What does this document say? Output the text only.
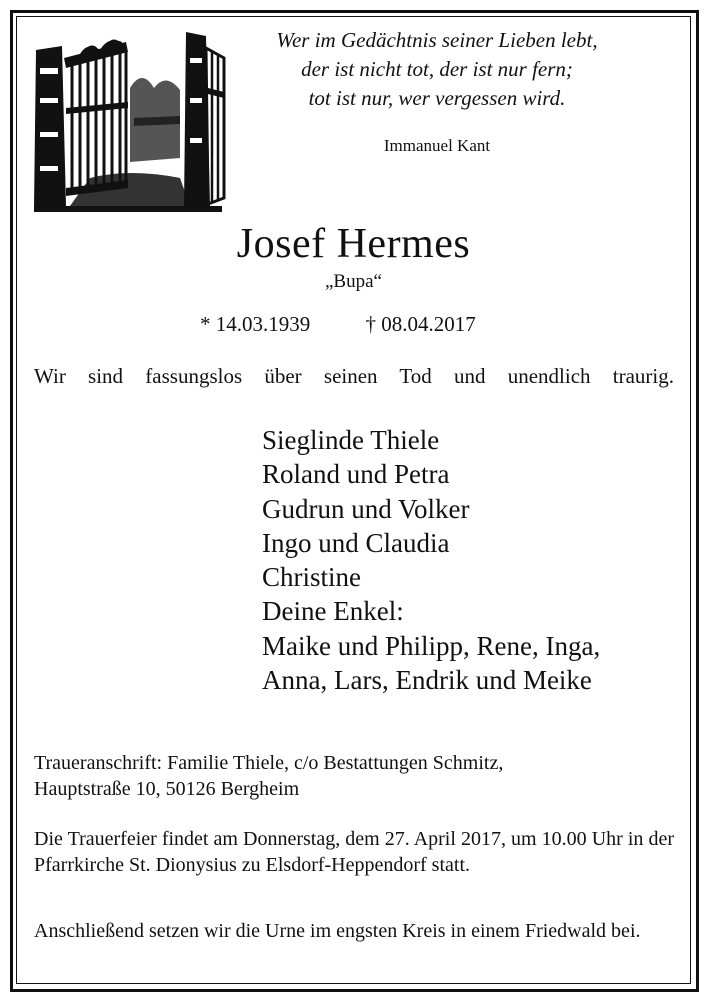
Wer im Gedächtnis seiner Lieben lebt,
der ist nicht tot, der ist nur fern;
tot ist nur, wer vergessen wird.
Immanuel Kant
Josef Hermes
„Bupa“
* 14.03.1939	† 08.04.2017
Wir sind fassungslos über seinen Tod und unendlich traurig.
Sieglinde Thiele
Roland und Petra
Gudrun und Volker
Ingo und Claudia
Christine
Deine Enkel:
Maike und Philipp, Rene, Inga,
Anna, Lars, Endrik und Meike
Traueranschrift: Familie Thiele, c/o Bestattungen Schmitz,
Hauptstraße 10, 50126 Bergheim
Die Trauerfeier findet am Donnerstag, dem 27. April 2017, um 10.00 Uhr in der Pfarrkirche St. Dionysius zu Elsdorf-Heppendorf statt.
Anschließend setzen wir die Urne im engsten Kreis in einem Friedwald bei.
